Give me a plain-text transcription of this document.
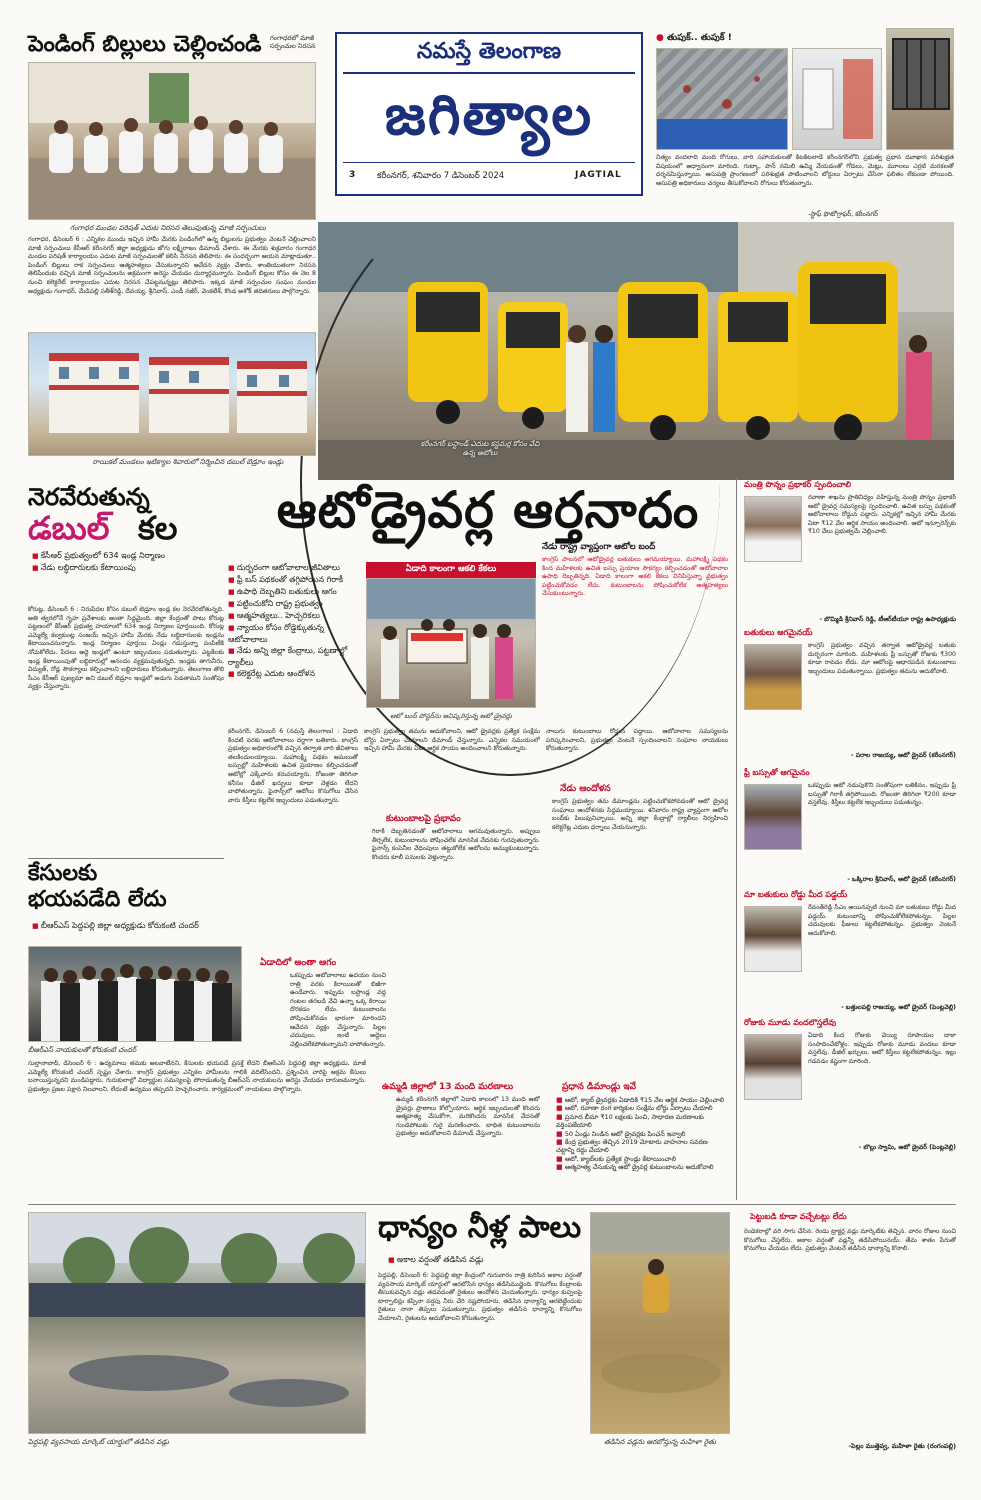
పెండింగ్ బిల్లులు చెల్లించండి గంగాధరలో మాజీ సర్పంచుల నిరసన
గంగాధర మండల పరిషత్ ఎదుట నిరసన తెలుపుతున్న మాజీ సర్పంచులు
గంగాధర, డిసెంబర్ 6 : ఎన్నికల ముందు ఇచ్చిన హామీ మేరకు పెండింగ్‌లో ఉన్న బిల్లులను ప్రభుత్వం వెంటనే చెల్లించాలని మాజీ సర్పంచులు కేసీఆర్ కరీంనగర్ జిల్లా అధ్యక్షుడు జోగు లక్ష్మీరాజం డిమాండ్ చేశారు. ఈ మేరకు శుక్రవారం గంగాధర మండల పరిషత్ కార్యాలయం ఎదుట మాజీ సర్పంచులతో కలిసి నిరసన తెలిపారు. ఈ సందర్భంగా ఆయన మాట్లాడుతూ.. పెండింగ్ బిల్లులు రాక సర్పంచులు ఆత్మహత్యలు చేసుకున్నారని ఆవేదన వ్యక్తం చేశారు. శాంతియుతంగా నిరసన తెలిపేందుకు వచ్చిన మాజీ సర్పంచులను అక్రమంగా అరెస్టు చేయడం దుర్మార్గమన్నారు. పెండింగ్ బిల్లుల కోసం ఈ నెల 8 నుంచి కలెక్టరేట్ కార్యాలయం ఎదుట నిరసన చేపట్టనున్నట్లు తెలిపారు. ఇక్కడ మాజీ సర్పంచుల సంఘం మండల అధ్యక్షుడు గంగాధర్, మేడిపల్లి సతీశ్‌రెడ్డి, దేవయ్య, శ్రీనివాస్, ఎండీ నజీర్, వెంకటేశ్, కొండ అశోక్ తదితరులు పాల్గొన్నారు.
నమస్తే తెలంగాణ
జగిత్యాల
3	కరీంనగర్, శనివారం 7 డిసెంబర్ 2024	JAGTIAL
● తుపుక్.. తుపుక్ !
నిత్యం వందలాది మంది రోగులు, వారి సహాయకులతో కిటకిటలాడే కరీంనగర్‌లోని ప్రభుత్వ ప్రధాన దవాఖాన పరిశుభ్రత విషయంలో అధ్వానంగా మారింది. గుట్కా, పాన్ నమిలి ఉమ్మి వేయడంతో గోడలు, మెట్లు, మూలలు ఎర్రటి మరకలతో దర్శనమిస్తున్నాయి. ఆసుపత్రి ప్రాంగణంలో పరిశుభ్రత పాటించాలని బోర్డులు ఏర్పాటు చేసినా ఫలితం లేకుండా పోయింది. ఆసుపత్రి అధికారులు చర్యలు తీసుకోవాలని రోగులు కోరుతున్నారు.
-స్టాఫ్ ఫొటోగ్రాఫర్, కరీంనగర్
కరీంనగర్ బస్టాండ్ ఎదుట కస్టమర్ల కోసం వేచి ఉన్న ఆటోలు
రాయికల్ మండలం ఇటిక్యాల శివారులో నిర్మించిన డబుల్ బెడ్రూం ఇండ్లు
నెరవేరుతున్న
డబుల్ కల
■ కేసీఆర్ ప్రభుత్వంలో 634 ఇండ్ల నిర్మాణం
■ నేడు లబ్ధిదారులకు కేటాయింపు
కోరుట్ల, డిసెంబర్ 6 : నిరుపేదల కోసం డబుల్ బెడ్రూం ఇండ్ల కల నెరవేరబోతున్నది. అతి త్వరలోనే గృహ ప్రవేశాలకు అంతా సిద్ధమైంది. జిల్లా కేంద్రంతో పాటు కోరుట్ల పట్టణంలో కేసీఆర్ ప్రభుత్వ హయాంలో 634 ఇండ్ల నిర్మాణం పూర్తయింది. కోరుట్ల ఎమ్మెల్యే కల్వకుంట్ల సంజయ్ ఇచ్చిన హామీ మేరకు నేడు లబ్ధిదారులకు ఇండ్లను కేటాయించనున్నారు. ఇండ్ల నిర్మాణం పూర్తయి ఏండ్లు గడుస్తున్నా పంపిణీకి నోచుకోలేదు. పేదలు అద్దె ఇండ్లలో ఉంటూ ఇబ్బందులు పడుతున్నారు. ఎట్టకేలకు ఇండ్ల కేటాయింపుతో లబ్ధిదారుల్లో ఆనందం వ్యక్తమవుతున్నది. ఇండ్లకు తాగునీరు, విద్యుత్, రోడ్ల సౌకర్యాలు కల్పించాలని లబ్ధిదారులు కోరుతున్నారు. తెలంగాణ తొలి సీఎం కేసీఆర్ పుణ్యమా అని డబుల్ బెడ్రూం ఇండ్లలో అడుగు పెడతామని సంతోషం వ్యక్తం చేస్తున్నారు.
ఆటోడ్రైవర్ల ఆర్తనాదం
నేడు రాష్ట్ర వ్యాప్తంగా ఆటోల బంద్
■ దుర్భరంగా ఆటోవాలాల జీవితాలు
■ ఫ్రీ బస్ పథకంతో తగ్గిపోయిన గిరాకీ
■ ఉపాధి దెబ్బతిని బతుకులు ఆగం
■ పట్టించుకోని రాష్ట్ర ప్రభుత్వం
■ ఆత్మహత్యలు.. హెచ్చరికలు
■ న్యాయం కోసం రోడ్డెక్కుతున్న ఆటోవాలాలు
■ నేడు అన్ని జిల్లా కేంద్రాలు, పట్టణాల్లో ర్యాలీలు
■ కలెక్టరేట్ల ఎదుట ఆందోళన
ఏడాది కాలంగా ఆకలి కేకలు
ఆటో బంద్ పోస్టర్‌ను ఆవిష్కరిస్తున్న ఆటో డ్రైవర్లు
కాంగ్రెస్ పాలనలో ఆటోడ్రైవర్ల బతుకులు ఆగమయ్యాయి. మహాలక్ష్మి పథకం కింద మహిళలకు ఉచిత బస్సు ప్రయాణ సౌకర్యం కల్పించడంతో ఆటోవాలాల ఉపాధి దెబ్బతిన్నది. ఏడాది కాలంగా ఆకలి కేకలు వినిపిస్తున్నా ప్రభుత్వం పట్టించుకోవడం లేదు. కుటుంబాలను పోషించుకోలేక ఆత్మహత్యలు చేసుకుంటున్నారు.
కరీంనగర్, డిసెంబర్ 6 (నమస్తే తెలంగాణ) : ఏడాది కిందటి వరకు ఆటోవాలాలు దర్జాగా బతికారు. కాంగ్రెస్ ప్రభుత్వం అధికారంలోకి వచ్చిన తర్వాత వారి జీవితాలు తలకిందులయ్యాయి. మహాలక్ష్మి పథకం అమలుతో బస్సుల్లో మహిళలకు ఉచిత ప్రయాణం కల్పించడంతో ఆటోల్లో ఎక్కేవారు కరువయ్యారు. రోజంతా తిరిగినా కనీసం డీజిల్ ఖర్చులు కూడా వెళ్లడం లేదని వాపోతున్నారు. ఫైనాన్స్‌లో ఆటోలు కొనుగోలు చేసిన వారు కిస్తీలు కట్టలేక ఇబ్బందులు పడుతున్నారు.
ఏడాదిలో అంతా ఆగం
ఒకప్పుడు ఆటోవాలాలు ఉదయం నుంచి రాత్రి వరకు కిరాయిలతో బిజీగా ఉండేవారు. ఇప్పుడు బస్టాండ్ల వద్ద గంటల తరబడి వేచి ఉన్నా ఒక్క కిరాయి దొరకడం లేదు. కుటుంబాలను పోషించుకోవడం భారంగా మారిందని ఆవేదన వ్యక్తం చేస్తున్నారు. పిల్లల చదువులు, ఇంటి అద్దెలు చెల్లించలేకపోతున్నామని వాపోతున్నారు.
కాంగ్రెస్ ప్రభుత్వం తమను ఆదుకోవాలని, ఆటో డ్రైవర్లకు ప్రత్యేక సంక్షేమ బోర్డు ఏర్పాటు చేయాలని డిమాండ్ చేస్తున్నారు. ఎన్నికల సమయంలో ఇచ్చిన హామీ మేరకు ఏటా ఆర్థిక సాయం అందించాలని కోరుతున్నారు.
కుటుంబాలపై ప్రభావం
గిరాకీ దెబ్బతినడంతో ఆటోవాలాలు ఆగమవుతున్నారు. అప్పులు తీర్చలేక, కుటుంబాలను పోషించలేక మానసిక వేదనకు గురవుతున్నారు. ఫైనాన్స్ కంపెనీల వేధింపులు తట్టుకోలేక ఆటోలను అమ్ముకుంటున్నారు. కొందరు కూలీ పనులకు వెళ్తున్నారు.
ఉమ్మడి జిల్లాలో 13 మంది మరణాలు
ఉమ్మడి కరీంనగర్ జిల్లాలో ఏడాది కాలంలో 13 మంది ఆటో డ్రైవర్లు ప్రాణాలు కోల్పోయారు. ఆర్థిక ఇబ్బందులతో కొందరు ఆత్మహత్య చేసుకోగా, మరికొందరు మానసిక వేదనతో గుండెపోటుకు గురై మరణించారు. బాధిత కుటుంబాలను ప్రభుత్వం ఆదుకోవాలని డిమాండ్ చేస్తున్నారు.
నాలుగు కుటుంబాలు రోడ్డున పడ్డాయి. ఆటోవాలాల సమస్యలను పరిష్కరించాలని, ప్రభుత్వం వెంటనే స్పందించాలని సంఘాల నాయకులు కోరుతున్నారు.
నేడు ఆందోళన
కాంగ్రెస్ ప్రభుత్వం తమ డిమాండ్లను పట్టించుకోకపోవడంతో ఆటో డ్రైవర్ల సంఘాలు ఆందోళనకు సిద్ధమయ్యాయి. శనివారం రాష్ట్ర వ్యాప్తంగా ఆటోల బంద్‌కు పిలుపునిచ్చాయి. అన్ని జిల్లా కేంద్రాల్లో ర్యాలీలు నిర్వహించి కలెక్టరేట్ల ఎదుట ధర్నాలు చేయనున్నారు.
ప్రధాన డిమాండ్లు ఇవే
■ ఆటో, క్యాబ్ డ్రైవర్లకు ఏడాదికి ₹15 వేల ఆర్థిక సాయం చెల్లించాలి
■ ఆటో, రవాణా రంగ కార్మికుల సంక్షేమ బోర్డు ఏర్పాటు చేయాలి
■ ప్రమాద బీమా ₹10 లక్షలకు పెంచి, సాధారణ మరణాలకు వర్తింపజేయాలి
■ 50 ఏండ్లు నిండిన ఆటో డ్రైవర్లకు పింఛన్ ఇవ్వాలి
■ కేంద్ర ప్రభుత్వం తెచ్చిన 2019 మోటారు వాహనాల సవరణ చట్టాన్ని రద్దు చేయాలి
■ ఆటో, క్యాబ్‌లకు ప్రత్యేక స్టాండ్లు కేటాయించాలి
■ ఆత్మహత్య చేసుకున్న ఆటో డ్రైవర్ల కుటుంబాలను ఆదుకోవాలి
మంత్రి పొన్నం ప్రభాకర్ స్పందించాలి
రవాణా శాఖను ప్రాతినిధ్యం వహిస్తున్న మంత్రి పొన్నం ప్రభాకర్ ఆటో డ్రైవర్ల సమస్యలపై స్పందించాలి. ఉచిత బస్సు పథకంతో ఆటోవాలాలు రోడ్డున పడ్డారు. ఎన్నికల్లో ఇచ్చిన హామీ మేరకు ఏటా ₹12 వేల ఆర్థిక సాయం అందించాలి. ఆటో ఇన్సూరెన్స్‌కు ₹10 వేలు ప్రభుత్వమే చెల్లించాలి.
- బొమ్మిడి శ్రీనివాస్ రెడ్డి, టీఆర్‌టీయూ రాష్ట్ర ఉపాధ్యక్షుడు
బతుకులు ఆగమైనయ్
కాంగ్రెస్ ప్రభుత్వం వచ్చిన తర్వాత ఆటోడ్రైవర్ల బతుకు దుర్భరంగా మారింది. మహిళలకు ఫ్రీ బస్సుతో రోజుకు ₹300 కూడా రావడం లేదు. మా ఆటోలపై ఆధారపడిన కుటుంబాలు ఇబ్బందులు పడుతున్నాయి. ప్రభుత్వం తమను ఆదుకోవాలి.
- పరాల రాజయ్య, ఆటో డ్రైవర్ (కరీంనగర్)
ఫ్రీ బస్సుతో ఆగమైనం
ఒకప్పుడు ఆటో నడుపుకొని సంతోషంగా బతికినం. ఇప్పుడు ఫ్రీ బస్సుతో గిరాకీ తగ్గిపోయింది. రోజంతా తిరిగినా ₹200 కూడా వస్తలేవు. కిస్తీలు కట్టలేక ఇబ్బందులు పడుతున్నం.
- ఒక్కిరాల శ్రీనివాస్, ఆటో డ్రైవర్ (కరీంనగర్)
మా బతుకులు రోడ్డు మీద పడ్డయ్
రేవంత్‌రెడ్డి సీఎం అయినప్పటి నుంచి మా బతుకులు రోడ్డు మీద పడ్డయ్. కుటుంబాన్ని పోషించుకోలేకపోతున్నం. పిల్లల చదువులకు ఫీజులు కట్టలేకపోతున్నం. ప్రభుత్వం వెంటనే ఆదుకోవాలి.
- బత్తులపల్లి రాజయ్య, ఆటో డ్రైవర్ (పెంట్లవెల్లి)
రోజుకు మూడు వందలొస్తలేవు
ఏడాది కింద రోజుకు వెయ్యి రూపాయల దాకా సంపాదించేటోళ్లం. ఇప్పుడు రోజుకు మూడు వందలు కూడా వస్తలేవు. డీజిల్ ఖర్చులు, ఆటో కిస్తీలు కట్టలేకపోతున్నం. ఇల్లు గడవడం కష్టంగా మారింది.
- బొల్లు స్వామి, ఆటో డ్రైవర్ (పెంట్లవెల్లి)
కేసులకు
భయపడేది లేదు
■ బీఆర్ఎస్ పెద్దపల్లి జిల్లా అధ్యక్షుడు కోరుకంటి చందర్
బీఆర్ఎస్ నాయకులతో కోరుకంటి చందర్
సుల్తానాబాద్, డిసెంబర్ 6 : ఉద్యమాలు తమకు అలవాటేనని, కేసులకు భయపడే ప్రసక్తే లేదని బీఆర్ఎస్ పెద్దపల్లి జిల్లా అధ్యక్షుడు, మాజీ ఎమ్మెల్యే కోరుకంటి చందర్ స్పష్టం చేశారు. కాంగ్రెస్ ప్రభుత్వం ఎన్నికల హామీలను గాలికి వదిలేసిందని, ప్రశ్నించిన వారిపై అక్రమ కేసులు బనాయిస్తున్నదని మండిపడ్డారు. గురుకులాల్లో విద్యార్థుల సమస్యలపై పోరాడుతున్న బీఆర్ఎస్ నాయకులను అరెస్టు చేయడం దారుణమన్నారు. ప్రభుత్వం ప్రజల పక్షాన నిలవాలని, లేదంటే ఉద్యమం తప్పదని హెచ్చరించారు. కార్యక్రమంలో నాయకులు పాల్గొన్నారు.
పెద్దపల్లి వ్యవసాయ మార్కెట్ యార్డులో తడిసిన వడ్లు
ధాన్యం నీళ్ల పాలు
■ అకాల వర్షంతో తడిసిన వడ్లు
పెద్దపల్లి, డిసెంబర్ 6: పెద్దపల్లి జిల్లా కేంద్రంలో గురువారం రాత్రి కురిసిన అకాల వర్షంతో వ్యవసాయ మార్కెట్ యార్డులో ఆరబోసిన ధాన్యం తడిసిముద్దైంది. కొనుగోలు కేంద్రాలకు తీసుకువచ్చిన వడ్లు తడవడంతో రైతులు ఆందోళన చెందుతున్నారు. ధాన్యం కుప్పలపై టార్పాలిన్లు కప్పినా వర్షపు నీరు చేరి నష్టపోయారు. తడిసిన ధాన్యాన్ని ఆరబెట్టేందుకు రైతులు నానా తిప్పలు పడుతున్నారు. ప్రభుత్వం తడిసిన ధాన్యాన్ని కొనుగోలు చేయాలని, రైతులను ఆదుకోవాలని కోరుతున్నారు.
తడిసిన వడ్లను ఆరబోస్తున్న మహిళా రైతు
పెట్టుబడి కూడా వచ్చేటట్లు లేదు
రెండెకరాల్లో వరి సాగు చేసిన. రెండు ట్రాక్టర్ల వడ్లు మార్కెట్‌కు తెచ్చిన. వారం రోజుల నుంచి కొనుగోలు చేస్తలేరు. అకాల వర్షంతో వడ్లన్నీ తడిసిపోయినయ్. తేమ శాతం పేరుతో కొనుగోలు చేయడం లేదు. ప్రభుత్వం వెంటనే తడిసిన ధాన్యాన్ని కొనాలి.
-పెల్లం ముత్తెవ్వ, మహిళా రైతు (రంగంపల్లి)
